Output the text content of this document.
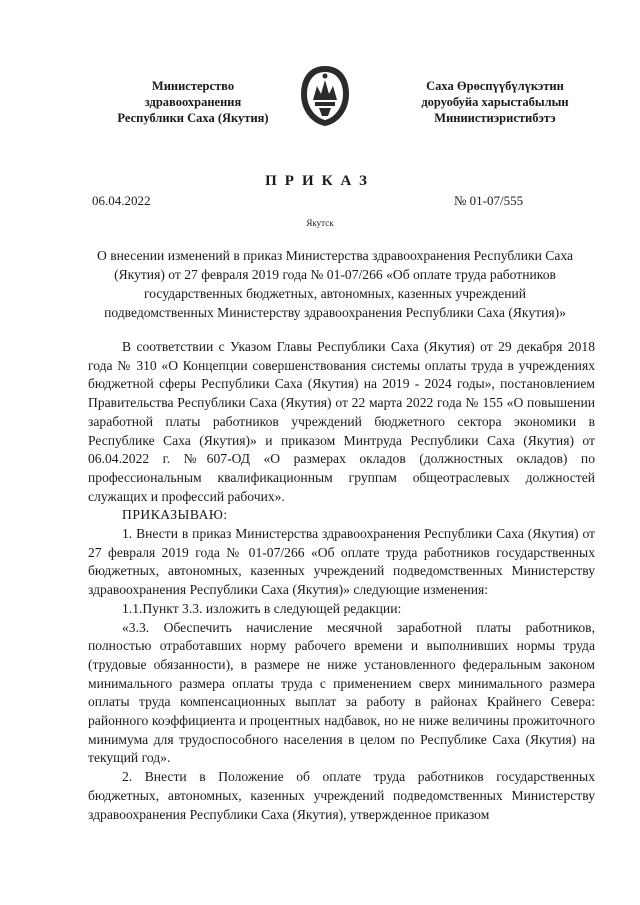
Министерство
здравоохранения
Республики Саха (Якутия)
Саха Өрөспүүбүлүкэтин
доруобуйа харыстабылын
Миниистиэристибэтэ
ПРИКАЗ
06.04.2022	№ 01-07/555
Якутск
О внесении изменений в приказ Министерства здравоохранения Республики Саха (Якутия) от 27 февраля 2019 года № 01-07/266 «Об оплате труда работников государственных бюджетных, автономных, казенных учреждений подведомственных Министерству здравоохранения Республики Саха (Якутия)»

В соответствии с Указом Главы Республики Саха (Якутия) от 29 декабря 2018 года № 310 «О Концепции совершенствования системы оплаты труда в учреждениях бюджетной сферы Республики Саха (Якутия) на 2019 - 2024 годы», постановлением Правительства Республики Саха (Якутия) от 22 марта 2022 года № 155 «О повышении заработной платы работников учреждений бюджетного сектора экономики в Республике Саха (Якутия)» и приказом Минтруда Республики Саха (Якутия) от 06.04.2022 г. №607-ОД «О размерах окладов (должностных окладов) по профессиональным квалификационным группам общеотраслевых должностей служащих и профессий рабочих».

ПРИКАЗЫВАЮ:

1. Внести в приказ Министерства здравоохранения Республики Саха (Якутия) от 27 февраля 2019 года № 01-07/266 «Об оплате труда работников государственных бюджетных, автономных, казенных учреждений подведомственных Министерству здравоохранения Республики Саха (Якутия)» следующие изменения:

1.1.Пункт 3.3. изложить в следующей редакции:

«3.3. Обеспечить начисление месячной заработной платы работников, полностью отработавших норму рабочего времени и выполнивших нормы труда (трудовые обязанности), в размере не ниже установленного федеральным законом минимального размера оплаты труда с применением сверх минимального размера оплаты труда компенсационных выплат за работу в районах Крайнего Севера: районного коэффициента и процентных надбавок, но не ниже величины прожиточного минимума для трудоспособного населения в целом по Республике Саха (Якутия) на текущий год».

2. Внести в Положение об оплате труда работников государственных бюджетных, автономных, казенных учреждений подведомственных Министерству здравоохранения Республики Саха (Якутия), утвержденное приказом
